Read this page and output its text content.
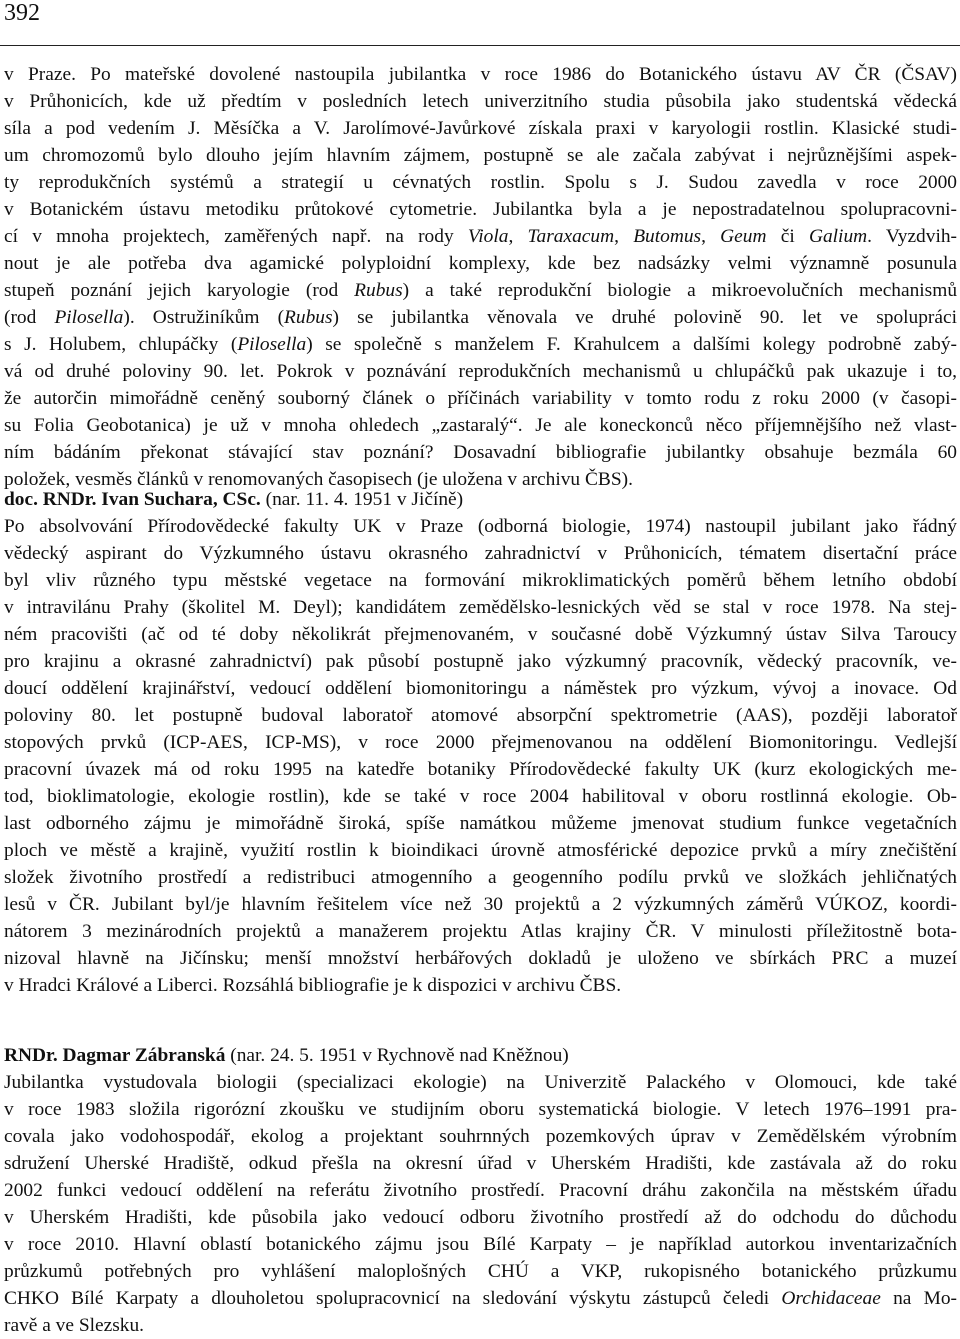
392
v Praze. Po mateřské dovolené nastoupila jubilantka v roce 1986 do Botanického ústavu AV ČR (ČSAV)
v Průhonicích, kde už předtím v posledních letech univerzitního studia působila jako studentská vědecká
síla a pod vedením J. Měsíčka a V. Jarolímové-Javůrkové získala praxi v karyologii rostlin. Klasické studi-
um chromozomů bylo dlouho jejím hlavním zájmem, postupně se ale začala zabývat i nejrůznějšími aspek-
ty reprodukčních systémů a strategií u cévnatých rostlin. Spolu s J. Sudou zavedla v roce 2000
v Botanickém ústavu metodiku průtokové cytometrie. Jubilantka byla a je nepostradatelnou spolupracovni-
cí v mnoha projektech, zaměřených např. na rody Viola, Taraxacum, Butomus, Geum či Galium. Vyzdvih-
nout je ale potřeba dva agamické polyploidní komplexy, kde bez nadsázky velmi významně posunula
stupeň poznání jejich karyologie (rod Rubus) a také reprodukční biologie a mikroevolučních mechanismů
(rod Pilosella). Ostružiníkům (Rubus) se jubilantka věnovala ve druhé polovině 90. let ve spolupráci
s J. Holubem, chlupáčky (Pilosella) se společně s manželem F. Krahulcem a dalšími kolegy podrobně zabý-
vá od druhé poloviny 90. let. Pokrok v poznávání reprodukčních mechanismů u chlupáčků pak ukazuje i to,
že autorčin mimořádně ceněný souborný článek o příčinách variability v tomto rodu z roku 2000 (v časopi-
su Folia Geobotanica) je už v mnoha ohledech „zastaralý“. Je ale koneckonců něco příjemnějšího než vlast-
ním bádáním překonat stávající stav poznání? Dosavadní bibliografie jubilantky obsahuje bezmála 60
položek, vesměs článků v renomovaných časopisech (je uložena v archivu ČBS).
doc. RNDr. Ivan Suchara, CSc. (nar. 11. 4. 1951 v Jičíně)
Po absolvování Přírodovědecké fakulty UK v Praze (odborná biologie, 1974) nastoupil jubilant jako řádný
vědecký aspirant do Výzkumného ústavu okrasného zahradnictví v Průhonicích, tématem disertační práce
byl vliv různého typu městské vegetace na formování mikroklimatických poměrů během letního období
v intravilánu Prahy (školitel M. Deyl); kandidátem zemědělsko-lesnických věd se stal v roce 1978. Na stej-
ném pracovišti (ač od té doby několikrát přejmenovaném, v současné době Výzkumný ústav Silva Taroucy
pro krajinu a okrasné zahradnictví) pak působí postupně jako výzkumný pracovník, vědecký pracovník, ve-
doucí oddělení krajinářství, vedoucí oddělení biomonitoringu a náměstek pro výzkum, vývoj a inovace. Od
poloviny 80. let postupně budoval laboratoř atomové absorpční spektrometrie (AAS), později laboratoř
stopových prvků (ICP-AES, ICP-MS), v roce 2000 přejmenovanou na oddělení Biomonitoringu. Vedlejší
pracovní úvazek má od roku 1995 na katedře botaniky Přírodovědecké fakulty UK (kurz ekologických me-
tod, bioklimatologie, ekologie rostlin), kde se také v roce 2004 habilitoval v oboru rostlinná ekologie. Ob-
last odborného zájmu je mimořádně široká, spíše namátkou můžeme jmenovat studium funkce vegetačních
ploch ve městě a krajině, využití rostlin k bioindikaci úrovně atmosférické depozice prvků a míry znečištění
složek životního prostředí a redistribuci atmogenního a geogenního podílu prvků ve složkách jehličnatých
lesů v ČR. Jubilant byl/je hlavním řešitelem více než 30 projektů a 2 výzkumných záměrů VÚKOZ, koordi-
nátorem 3 mezinárodních projektů a manažerem projektu Atlas krajiny ČR. V minulosti příležitostně bota-
nizoval hlavně na Jičínsku; menší množství herbářových dokladů je uloženo ve sbírkách PRC a muzeí
v Hradci Králové a Liberci. Rozsáhlá bibliografie je k dispozici v archivu ČBS.
RNDr. Dagmar Zábranská (nar. 24. 5. 1951 v Rychnově nad Kněžnou)
Jubilantka vystudovala biologii (specializaci ekologie) na Univerzitě Palackého v Olomouci, kde také
v roce 1983 složila rigorózní zkoušku ve studijním oboru systematická biologie. V letech 1976–1991 pra-
covala jako vodohospodář, ekolog a projektant souhrnných pozemkových úprav v Zemědělském výrobním
sdružení Uherské Hradiště, odkud přešla na okresní úřad v Uherském Hradišti, kde zastávala až do roku
2002 funkci vedoucí oddělení na referátu životního prostředí. Pracovní dráhu zakončila na městském úřadu
v Uherském Hradišti, kde působila jako vedoucí odboru životního prostředí až do odchodu do důchodu
v roce 2010. Hlavní oblastí botanického zájmu jsou Bílé Karpaty – je například autorkou inventarizačních
průzkumů potřebných pro vyhlášení maloplošných CHÚ a VKP, rukopisného botanického průzkumu
CHKO Bílé Karpaty a dlouholetou spolupracovnicí na sledování výskytu zástupců čeledi Orchidaceae na Mo-
ravě a ve Slezsku.
